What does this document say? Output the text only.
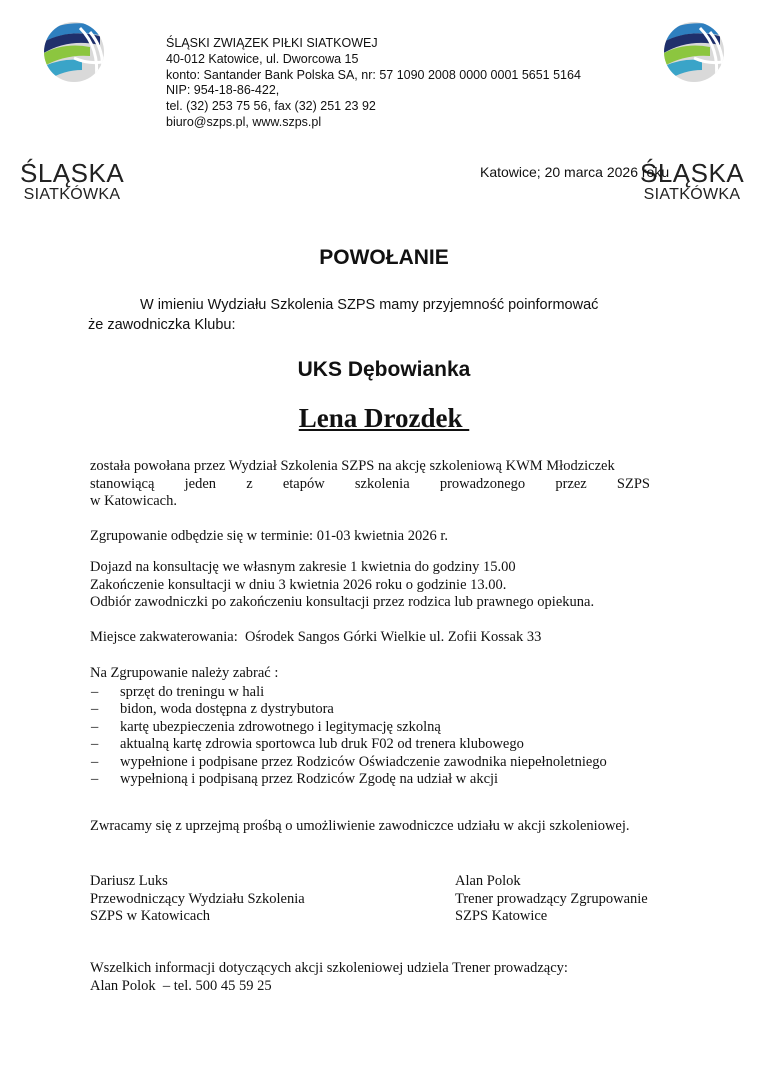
ŚLĄSKA
SIATKÓWKA
ŚLĄSKA
SIATKÓWKA
ŚLĄSKI ZWIĄZEK PIŁKI SIATKOWEJ
40-012 Katowice, ul. Dworcowa 15
konto: Santander Bank Polska SA, nr: 57 1090 2008 0000 0001 5651 5164
NIP: 954-18-86-422,
tel. (32) 253 75 56, fax (32) 251 23 92
biuro@szps.pl, www.szps.pl
Katowice; 20 marca 2026 roku
POWOŁANIE
W imieniu Wydziału Szkolenia SZPS mamy przyjemność poinformować
że zawodniczka Klubu:
UKS Dębowianka
Lena Drozdek
została powołana przez Wydział Szkolenia SZPS na akcję szkoleniową KWM Młodziczek
stanowiącą jeden z etapów szkolenia prowadzonego przez SZPS
w Katowicach.
Zgrupowanie odbędzie się w terminie: 01-03 kwietnia 2026 r.
Dojazd na konsultację we własnym zakresie 1 kwietnia do godziny 15.00
Zakończenie konsultacji w dniu 3 kwietnia 2026 roku o godzinie 13.00.
Odbiór zawodniczki po zakończeniu konsultacji przez rodzica lub prawnego opiekuna.
Miejsce zakwaterowania: Ośrodek Sangos Górki Wielkie ul. Zofii Kossak 33
Na Zgrupowanie należy zabrać :
– sprzęt do treningu w hali
– bidon, woda dostępna z dystrybutora
– kartę ubezpieczenia zdrowotnego i legitymację szkolną
– aktualną kartę zdrowia sportowca lub druk F02 od trenera klubowego
– wypełnione i podpisane przez Rodziców Oświadczenie zawodnika niepełnoletniego
– wypełnioną i podpisaną przez Rodziców Zgodę na udział w akcji
Zwracamy się z uprzejmą prośbą o umożliwienie zawodniczce udziału w akcji szkoleniowej.
Dariusz Luks
Przewodniczący Wydziału Szkolenia
SZPS w Katowicach
Alan Polok
Trener prowadzący Zgrupowanie
SZPS Katowice
Wszelkich informacji dotyczących akcji szkoleniowej udziela Trener prowadzący:
Alan Polok  – tel. 500 45 59 25
